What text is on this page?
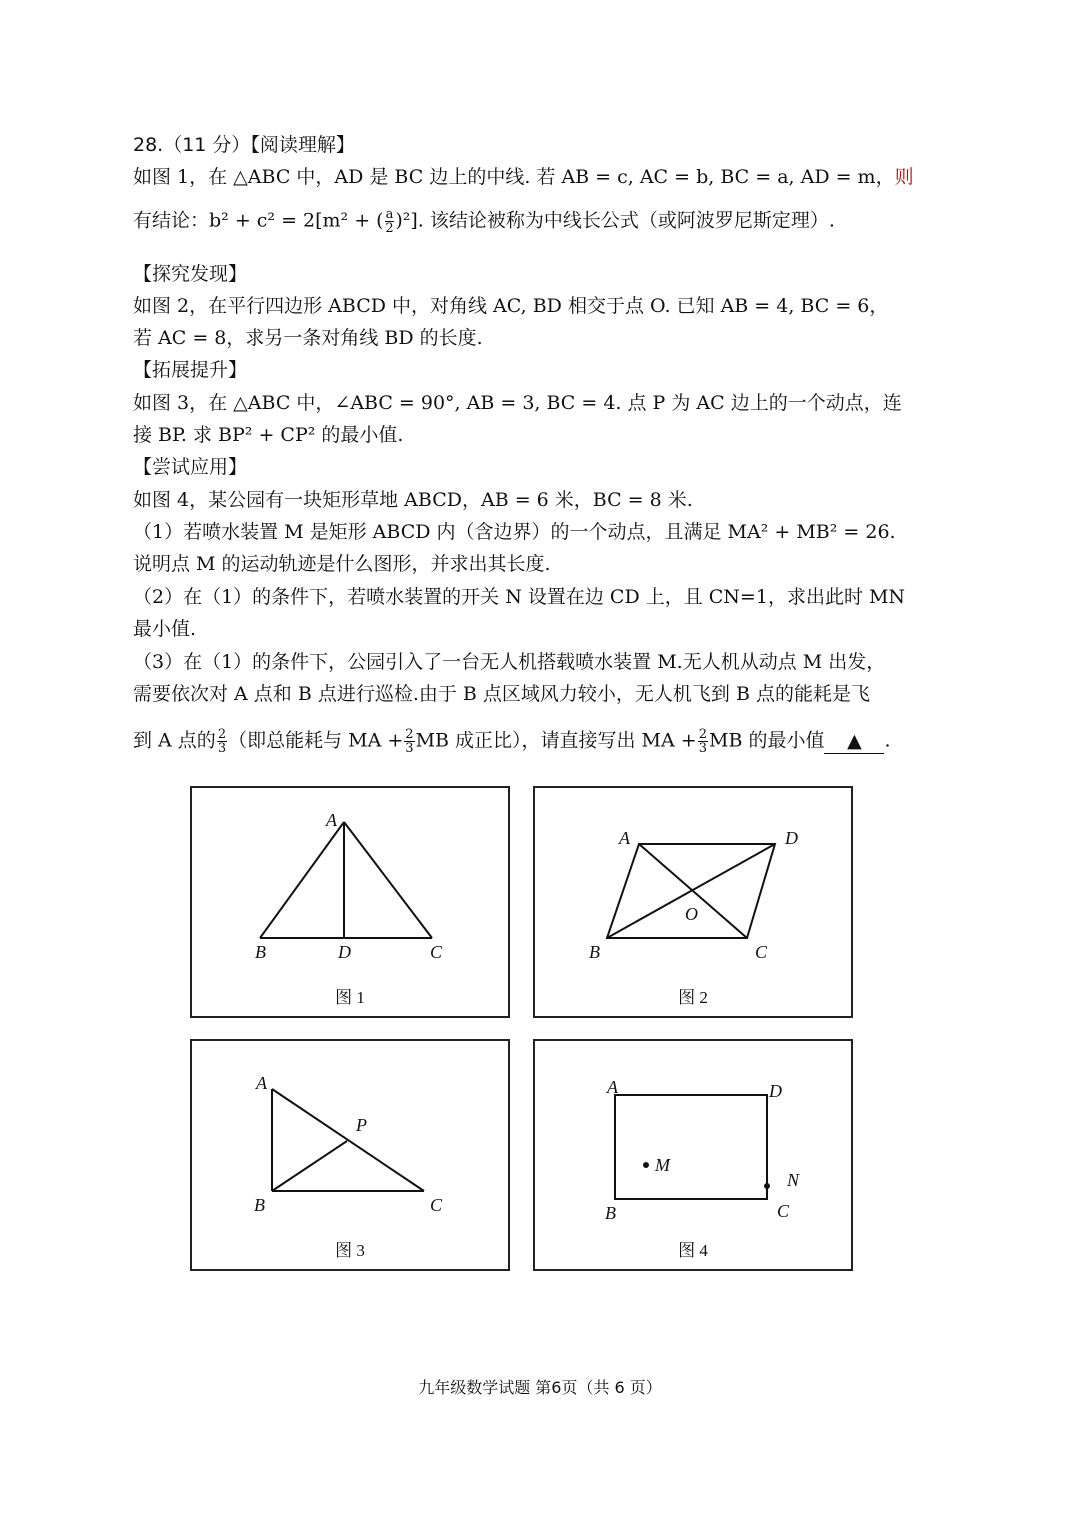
28.（11 分）【阅读理解】
如图 1，在 △ABC 中，AD 是 BC 边上的中线. 若 AB = c, AC = b, BC = a, AD = m，则
有结论：b² + c² = 2[m² + ( $\frac{a}{2} )^2$]. 该结论被称为中线长公式（或阿波罗尼斯定理）.
【探究发现】
如图 2，在平行四边形 ABCD 中，对角线 AC, BD 相交于点 O. 已知 AB = 4, BC = 6，
若 AC = 8，求另一条对角线 BD 的长度.
【拓展提升】
如图 3，在 △ABC 中，∠ABC = 90°, AB = 3, BC = 4. 点 P 为 AC 边上的一个动点，连
接 BP. 求 BP² + CP² 的最小值.
【尝试应用】
如图 4，某公园有一块矩形草地 ABCD，AB = 6 米，BC = 8 米.
（1）若喷水装置 M 是矩形 ABCD 内（含边界）的一个动点，且满足 MA² + MB² = 26.
说明点 M 的运动轨迹是什么图形，并求出其长度.
（2）在（1）的条件下，若喷水装置的开关 N 设置在边 CD 上，且 CN=1，求出此时 MN
最小值.
（3）在（1）的条件下，公园引入了一台无人机搭载喷水装置 M.无人机从动点 M 出发，
需要依次对 A 点和 B 点进行巡检.由于 B 点区域风力较小，无人机飞到 B 点的能耗是飞
到 A 点的 $\frac{2}{3}$ （即总能耗与 MA + $\frac{2}{3}$ MB 成正比），请直接写出 MA + $\frac{2}{3}$ MB 的最小值 ▲ .
A
B	D	C
图 1
A	D
B	C
O
图 2
A
B	C
P
图 3
A	D
B	C
M
N
图 4
九年级数学试题 第6页（共 6 页）
